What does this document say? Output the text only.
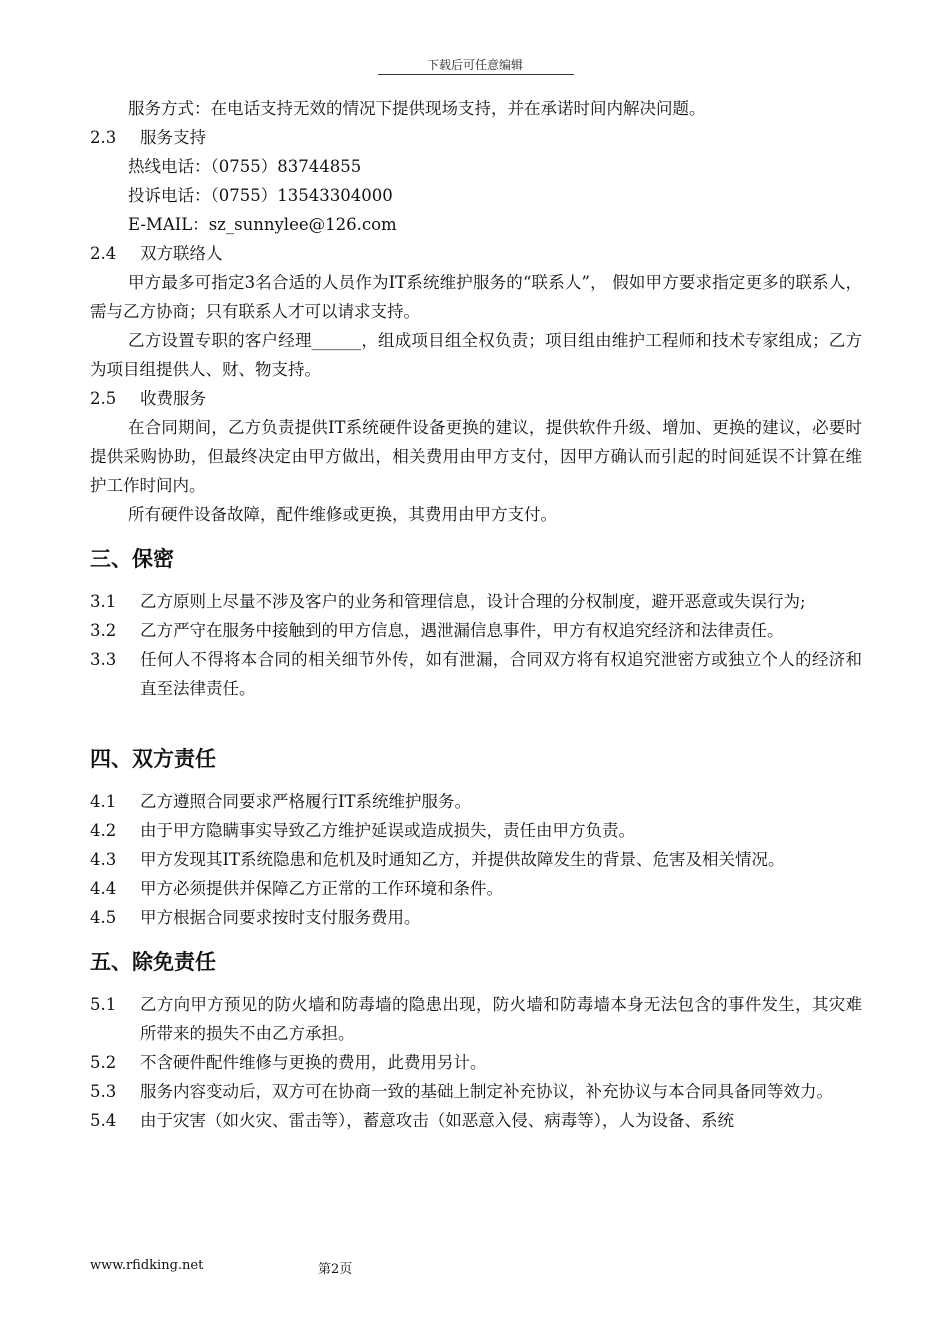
下载后可任意编辑

服务方式：在电话支持无效的情况下提供现场支持，并在承诺时间内解决问题。

2.3	服务支持

热线电话：（0755）83744855

投诉电话：（0755）13543304000

E-MAIL：sz_sunnylee@126.com

2.4	双方联络人

甲方最多可指定3名合适的人员作为IT系统维护服务的“联系人”， 假如甲方要求指定更多的联系人，需与乙方协商；只有联系人才可以请求支持。

乙方设置专职的客户经理______，组成项目组全权负责；项目组由维护工程师和技术专家组成；乙方为项目组提供人、财、物支持。

2.5	收费服务

在合同期间，乙方负责提供IT系统硬件设备更换的建议，提供软件升级、增加、更换的建议，必要时提供采购协助，但最终决定由甲方做出，相关费用由甲方支付，因甲方确认而引起的时间延误不计算在维护工作时间内。

所有硬件设备故障，配件维修或更换，其费用由甲方支付。

三、保密
3.1	乙方原则上尽量不涉及客户的业务和管理信息，设计合理的分权制度，避开恶意或失误行为;
3.2	乙方严守在服务中接触到的甲方信息，遇泄漏信息事件，甲方有权追究经济和法律责任。
3.3	任何人不得将本合同的相关细节外传，如有泄漏，合同双方将有权追究泄密方或独立个人的经济和直至法律责任。
四、双方责任
4.1	乙方遵照合同要求严格履行IT系统维护服务。
4.2	由于甲方隐瞒事实导致乙方维护延误或造成损失，责任由甲方负责。
4.3	甲方发现其IT系统隐患和危机及时通知乙方，并提供故障发生的背景、危害及相关情况。
4.4	甲方必须提供并保障乙方正常的工作环境和条件。
4.5	甲方根据合同要求按时支付服务费用。
五、除免责任
5.1	乙方向甲方预见的防火墙和防毒墙的隐患出现，防火墙和防毒墙本身无法包含的事件发生，其灾难所带来的损失不由乙方承担。
5.2	不含硬件配件维修与更换的费用，此费用另计。
5.3	服务内容变动后，双方可在协商一致的基础上制定补充协议，补充协议与本合同具备同等效力。
5.4	由于灾害（如火灾、雷击等），蓄意攻击（如恶意入侵、病毒等），人为设备、系统
www.rfidking.net	第2页
